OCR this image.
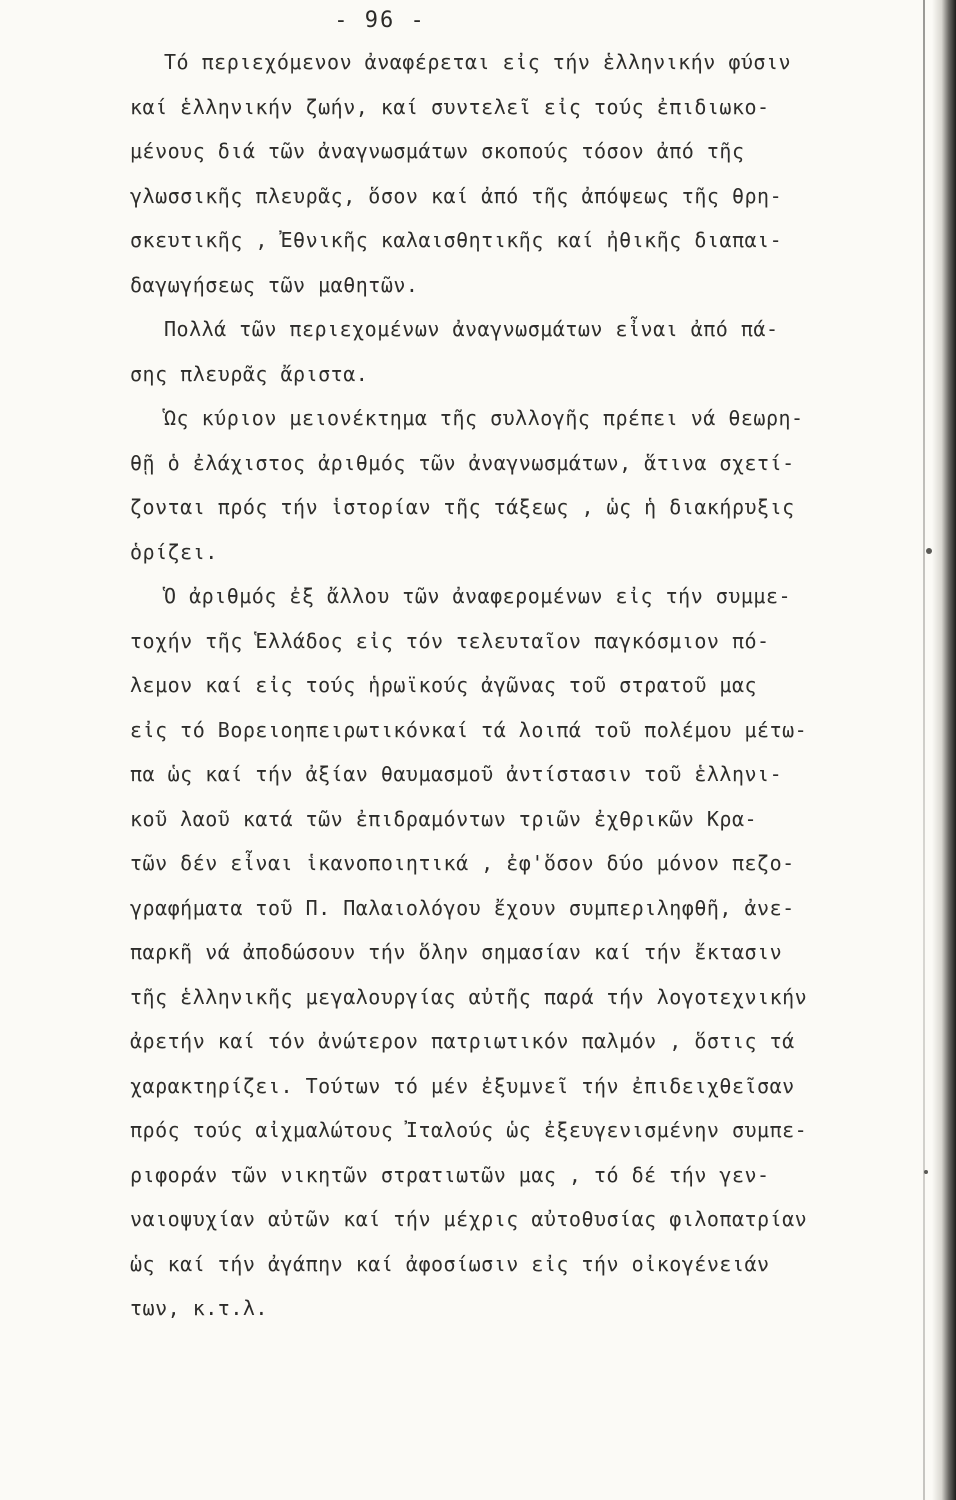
- 96 -

Τό περιεχόμενον ἀναφέρεται εἰς τήν ἑλληνικήν φύσιν
καί ἑλληνικήν ζωήν, καί συντελεῖ εἰς τούς ἐπιδιωκο-
μένους διά τῶν ἀναγνωσμάτων σκοπούς τόσον ἀπό τῆς
γλωσσικῆς πλευρᾶς, ὅσον καί ἀπό τῆς ἀπόψεως τῆς θρη-
σκευτικῆς , Ἐθνικῆς καλαισθητικῆς καί ἠθικῆς διαπαι-
δαγωγήσεως τῶν μαθητῶν.

Πολλά τῶν περιεχομένων ἀναγνωσμάτων εἶναι ἀπό πά-
σης πλευρᾶς ἄριστα.

Ὡς κύριον μειονέκτημα τῆς συλλογῆς πρέπει νά θεωρη-
θῇ ὁ ἐλάχιστος ἀριθμός τῶν ἀναγνωσμάτων, ἅτινα σχετί-
ζονται πρός τήν ἱστορίαν τῆς τάξεως , ὡς ἡ διακήρυξις
ὁρίζει.

Ὁ ἀριθμός ἐξ ἄλλου τῶν ἀναφερομένων εἰς τήν συμμε-
τοχήν τῆς Ἑλλάδος εἰς τόν τελευταῖον παγκόσμιον πό-
λεμον καί εἰς τούς ἡρωϊκούς ἀγῶνας τοῦ στρατοῦ μας
εἰς τό Βορειοηπειρωτικόνκαί τά λοιπά τοῦ πολέμου μέτω-
πα ὡς καί τήν ἀξίαν θαυμασμοῦ ἀντίστασιν τοῦ ἑλληνι-
κοῦ λαοῦ κατά τῶν ἐπιδραμόντων τριῶν ἐχθρικῶν Κρα-
τῶν δέν εἶναι ἱκανοποιητικά , ἐφ'ὅσον δύο μόνον πεζο-
γραφήματα τοῦ Π. Παλαιολόγου ἔχουν συμπεριληφθῆ, ἀνε-
παρκῆ νά ἀποδώσουν τήν ὅλην σημασίαν καί τήν ἔκτασιν
τῆς ἑλληνικῆς μεγαλουργίας αὐτῆς παρά τήν λογοτεχνικήν
ἀρετήν καί τόν ἀνώτερον πατριωτικόν παλμόν , ὅστις τά
χαρακτηρίζει. Τούτων τό μέν ἐξυμνεῖ τήν ἐπιδειχθεῖσαν
πρός τούς αἰχμαλώτους Ἰταλούς ὡς ἐξευγενισμένην συμπε-
ριφοράν τῶν νικητῶν στρατιωτῶν μας , τό δέ τήν γεν-
ναιοψυχίαν αὐτῶν καί τήν μέχρις αὐτοθυσίας φιλοπατρίαν
ὡς καί τήν ἀγάπην καί ἀφοσίωσιν εἰς τήν οἰκογένειάν
των, κ.τ.λ.
